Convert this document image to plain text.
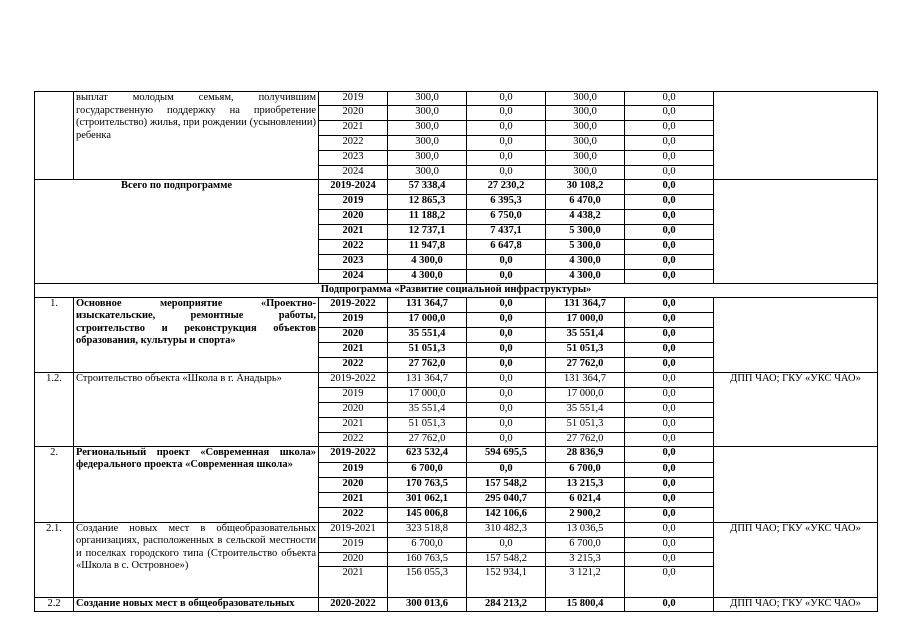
	выплат молодым семьям, получившим государственную поддержку на приобретение (строительство) жилья, при рождении (усыновлении) ребенка	2019	300,0	0,0	300,0	0,0	
		2020	300,0	0,0	300,0	0,0	
		2021	300,0	0,0	300,0	0,0	
		2022	300,0	0,0	300,0	0,0	
		2023	300,0	0,0	300,0	0,0	
		2024	300,0	0,0	300,0	0,0	
Всего по подпрограмме		2019-2024	57 338,4	27 230,2	30 108,2	0,0	
		2019	12 865,3	6 395,3	6 470,0	0,0	
		2020	11 188,2	6 750,0	4 438,2	0,0	
		2021	12 737,1	7 437,1	5 300,0	0,0	
		2022	11 947,8	6 647,8	5 300,0	0,0	
		2023	4 300,0	0,0	4 300,0	0,0	
		2024	4 300,0	0,0	4 300,0	0,0	
Подпрограмма «Развитие социальной инфраструктуры»							
1.	Основное мероприятие «Проектно-изыскательские, ремонтные работы, строительство и реконструкция объектов образования, культуры и спорта»	2019-2022	131 364,7	0,0	131 364,7	0,0	
		2019	17 000,0	0,0	17 000,0	0,0	
		2020	35 551,4	0,0	35 551,4	0,0	
		2021	51 051,3	0,0	51 051,3	0,0	
		2022	27 762,0	0,0	27 762,0	0,0	
1.2.	Строительство объекта «Школа в г. Анадырь»	2019-2022	131 364,7	0,0	131 364,7	0,0	ДПП ЧАО; ГКУ «УКС ЧАО»
		2019	17 000,0	0,0	17 000,0	0,0	
		2020	35 551,4	0,0	35 551,4	0,0	
		2021	51 051,3	0,0	51 051,3	0,0	
		2022	27 762,0	0,0	27 762,0	0,0	
2.	Региональный проект «Современная школа» федерального проекта «Современная школа»	2019-2022	623 532,4	594 695,5	28 836,9	0,0	
		2019	6 700,0	0,0	6 700,0	0,0	
		2020	170 763,5	157 548,2	13 215,3	0,0	
		2021	301 062,1	295 040,7	6 021,4	0,0	
		2022	145 006,8	142 106,6	2 900,2	0,0	
2.1.	Создание новых мест в общеобразовательных организациях, расположенных в сельской местности и поселках городского типа (Строительство объекта «Школа в с. Островное»)	2019-2021	323 518,8	310 482,3	13 036,5	0,0	ДПП ЧАО; ГКУ «УКС ЧАО»
		2019	6 700,0	0,0	6 700,0	0,0	
		2020	160 763,5	157 548,2	3 215,3	0,0	
		2021	156 055,3	152 934,1	3 121,2	0,0	
2.2	Создание новых мест в общеобразовательных	2020-2022	300 013,6	284 213,2	15 800,4	0,0	ДПП ЧАО; ГКУ «УКС ЧАО»
